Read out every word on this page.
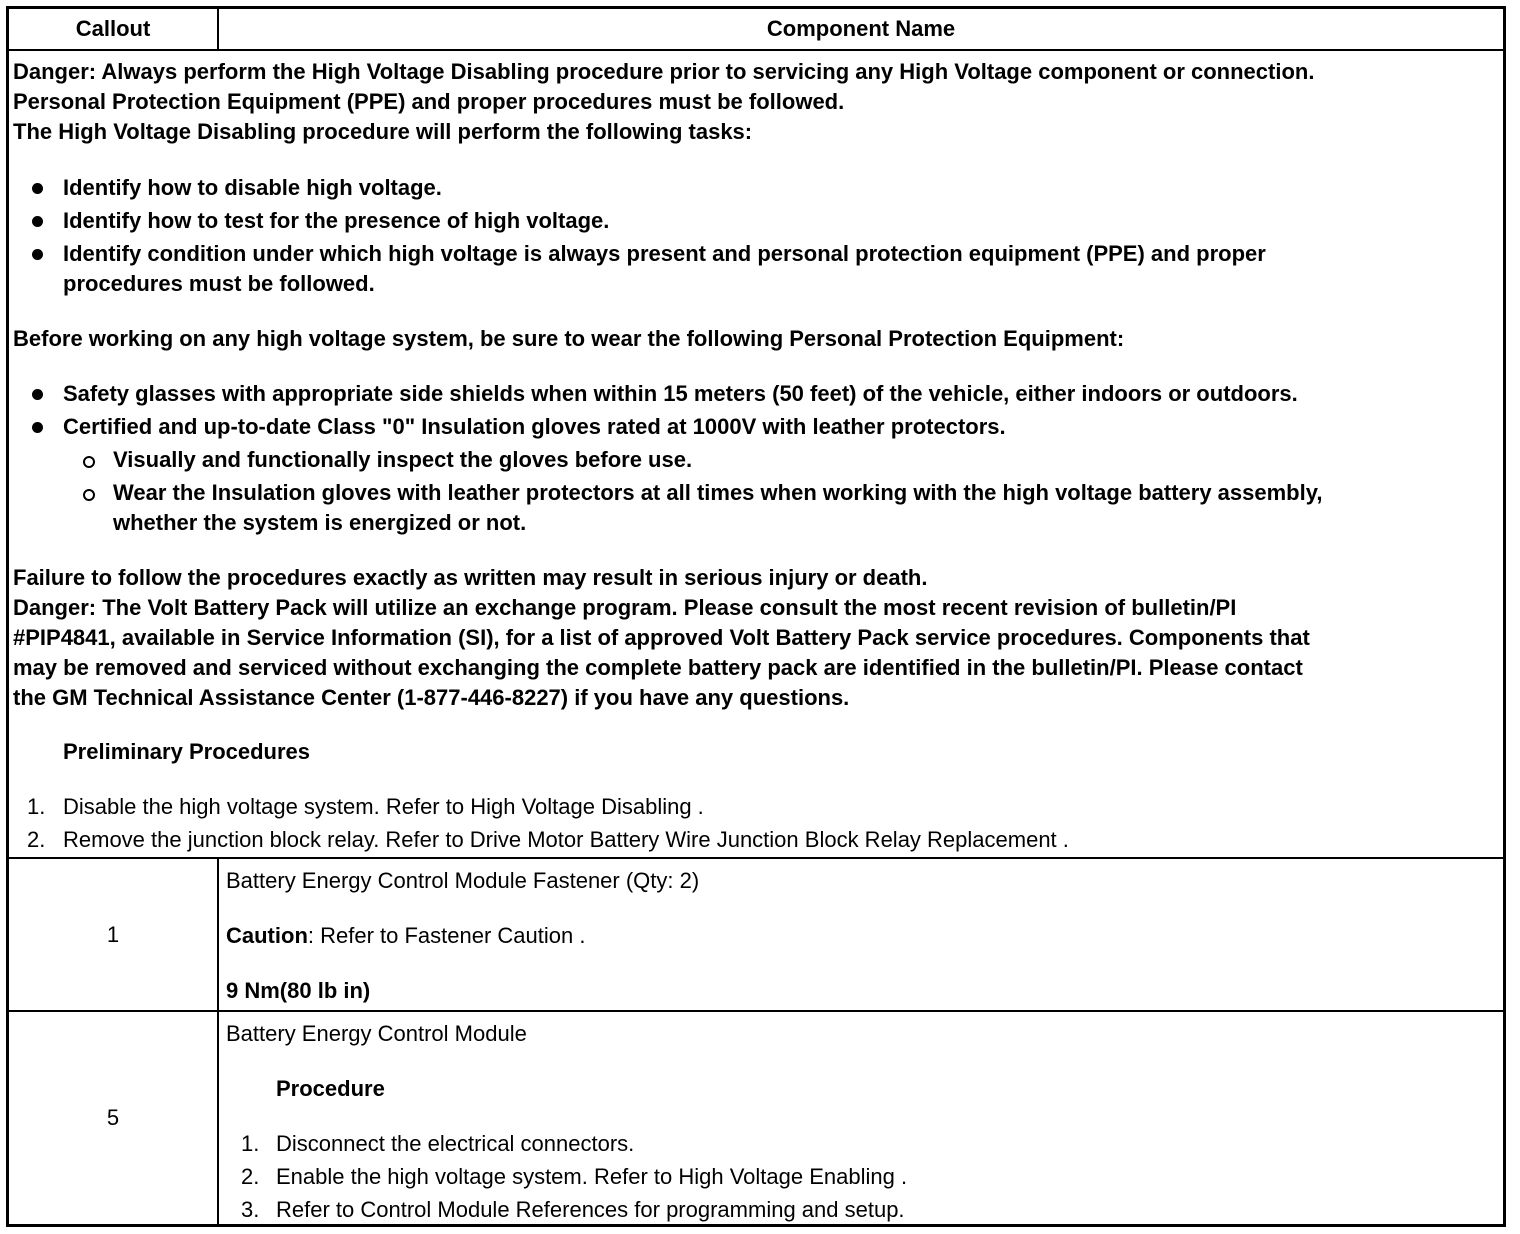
Callout	Component Name
Danger: Always perform the High Voltage Disabling procedure prior to servicing any High Voltage component or connection.
Personal Protection Equipment (PPE) and proper procedures must be followed.
The High Voltage Disabling procedure will perform the following tasks:
Identify how to disable high voltage.
Identify how to test for the presence of high voltage.
Identify condition under which high voltage is always present and personal protection equipment (PPE) and proper
procedures must be followed.
Before working on any high voltage system, be sure to wear the following Personal Protection Equipment:
Safety glasses with appropriate side shields when within 15 meters (50 feet) of the vehicle, either indoors or outdoors.
Certified and up-to-date Class "0" Insulation gloves rated at 1000V with leather protectors.
Visually and functionally inspect the gloves before use.
Wear the Insulation gloves with leather protectors at all times when working with the high voltage battery assembly,
whether the system is energized or not.
Failure to follow the procedures exactly as written may result in serious injury or death.
Danger: The Volt Battery Pack will utilize an exchange program. Please consult the most recent revision of bulletin/PI
#PIP4841, available in Service Information (SI), for a list of approved Volt Battery Pack service procedures. Components that
may be removed and serviced without exchanging the complete battery pack are identified in the bulletin/PI. Please contact
the GM Technical Assistance Center (1-877-446-8227) if you have any questions.
Preliminary Procedures
1. Disable the high voltage system. Refer to High Voltage Disabling .
2. Remove the junction block relay. Refer to Drive Motor Battery Wire Junction Block Relay Replacement .
1
Battery Energy Control Module Fastener (Qty: 2)
Caution: Refer to Fastener Caution .
9 Nm(80 lb in)
5
Battery Energy Control Module
Procedure
1. Disconnect the electrical connectors.
2. Enable the high voltage system. Refer to High Voltage Enabling .
3. Refer to Control Module References for programming and setup.
